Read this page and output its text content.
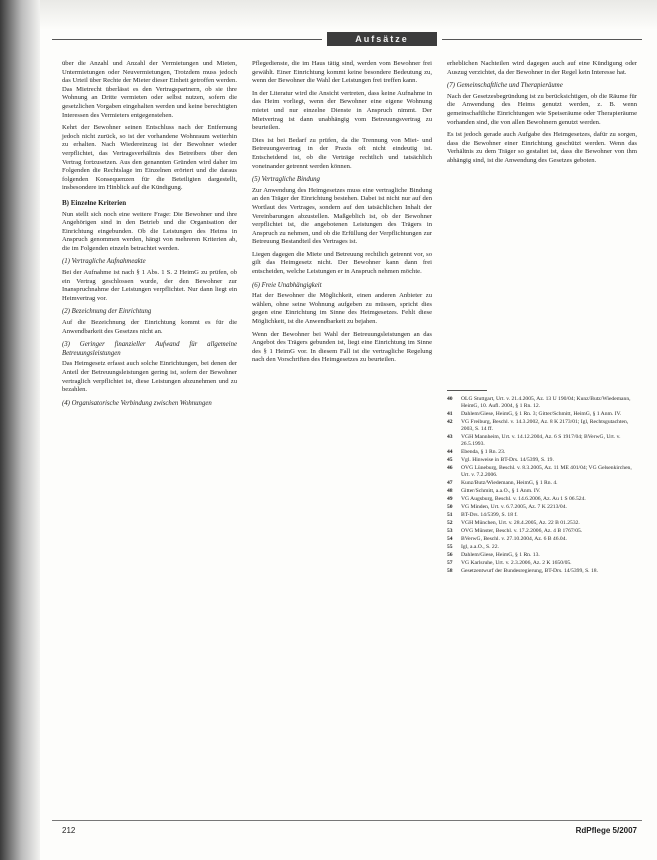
Aufsätze

über die Anzahl und Anzahl der Vermietungen und Mieten, Untermietungen oder Neuvermietungen, Trotzdem muss jedoch das Urteil über Rechte der Mieter dieser Einheit getroffen werden. Das Mietrecht überlässt es den Vertragspartnern, ob sie ihre Wohnung an Dritte vermieten oder selbst nutzen, sofern die gesetzlichen Vorgaben eingehalten werden und keine berechtigten Interessen des Vermieters entgegenstehen.

Kehrt der Bewohner seinen Entschluss nach der Entfernung jedoch nicht zurück, so ist der vorhandene Wohnraum weiterhin zu erhalten. Nach Wiedereinzug ist der Bewohner wieder verpflichtet, das Vertragsverhältnis des Betreibers über den Vertrag fortzusetzen. Aus den genannten Gründen wird daher im Folgenden die Rechtslage im Einzelnen erörtert und die daraus folgenden Konsequenzen für die Beteiligten dargestellt, insbesondere im Hinblick auf die Kündigung.

B) Einzelne Kriterien

Nun stellt sich noch eine weitere Frage: Die Bewohner und ihre Angehörigen sind in den Betrieb und die Organisation der Einrichtung eingebunden. Ob die Leistungen des Heims in Anspruch genommen werden, hängt von mehreren Kriterien ab, die im Folgenden einzeln betrachtet werden.

(1) Vertragliche Aufnahmeakte

Bei der Aufnahme ist nach § 1 Abs. 1 S. 2 HeimG zu prüfen, ob ein Vertrag geschlossen wurde, der den Bewohner zur Inanspruchnahme der Leistungen verpflichtet. Nur dann liegt ein Heimvertrag vor.

(2) Bezeichnung der Einrichtung

Auf die Bezeichnung der Einrichtung kommt es für die Anwendbarkeit des Gesetzes nicht an.

(3) Geringer finanzieller Aufwand für allgemeine Betreuungsleistungen

Das Heimgesetz erfasst auch solche Einrichtungen, bei denen der Anteil der Betreuungsleistungen gering ist, sofern der Bewohner vertraglich verpflichtet ist, diese Leistungen abzunehmen und zu bezahlen.

(4) Organisatorische Verbindung zwischen Wohnungen

Pflegedienste, die im Haus tätig sind, werden vom Bewohner frei gewählt. Einer Einrichtung kommt keine besondere Bedeutung zu, wenn der Bewohner die Wahl der Leistungen frei treffen kann.

In der Literatur wird die Ansicht vertreten, dass keine Aufnahme in das Heim vorliegt, wenn der Bewohner eine eigene Wohnung mietet und nur einzelne Dienste in Anspruch nimmt. Der Mietvertrag ist dann unabhängig vom Betreuungsvertrag zu beurteilen.

Dies ist bei Bedarf zu prüfen, da die Trennung von Miet- und Betreuungsvertrag in der Praxis oft nicht eindeutig ist. Entscheidend ist, ob die Verträge rechtlich und tatsächlich voneinander getrennt werden können.

(5) Vertragliche Bindung

Zur Anwendung des Heimgesetzes muss eine vertragliche Bindung an den Träger der Einrichtung bestehen. Dabei ist nicht nur auf den Wortlaut des Vertrages, sondern auf den tatsächlichen Inhalt der Vereinbarungen abzustellen. Maßgeblich ist, ob der Bewohner verpflichtet ist, die angebotenen Leistungen des Trägers in Anspruch zu nehmen, und ob die Erfüllung der Verpflichtungen zur Betreuung Bestandteil des Vertrages ist.

Liegen dagegen die Miete und Betreuung rechtlich getrennt vor, so gilt das Heimgesetz nicht. Der Bewohner kann dann frei entscheiden, welche Leistungen er in Anspruch nehmen möchte.

(6) Freie Unabhängigkeit

Hat der Bewohner die Möglichkeit, einen anderen Anbieter zu wählen, ohne seine Wohnung aufgeben zu müssen, spricht dies gegen eine Einrichtung im Sinne des Heimgesetzes. Fehlt diese Möglichkeit, ist die Anwendbarkeit zu bejahen.

Wenn der Bewohner bei Wahl der Betreuungsleistungen an das Angebot des Trägers gebunden ist, liegt eine Einrichtung im Sinne des § 1 HeimG vor. In diesem Fall ist die vertragliche Regelung nach den Vorschriften des Heimgesetzes zu beurteilen.

erheblichen Nachteilen wird dagegen auch auf eine Kündigung oder Auszug verzichtet, da der Bewohner in der Regel kein Interesse hat.

(7) Gemeinschaftliche und Therapieräume

Nach der Gesetzesbegründung ist zu berücksichtigen, ob die Räume für die Anwendung des Heims genutzt werden, z. B. wenn gemeinschaftliche Einrichtungen wie Speiseräume oder Therapieräume vorhanden sind, die von allen Bewohnern genutzt werden.

Es ist jedoch gerade auch Aufgabe des Heimgesetzes, dafür zu sorgen, dass die Bewohner einer Einrichtung geschützt werden. Wenn das Verhältnis zu dem Träger so gestaltet ist, dass die Bewohner von ihm abhängig sind, ist die Anwendung des Gesetzes geboten.

40	OLG Stuttgart, Urt. v. 21.4.2005, Az. 13 U 190/04; Kunz/Butz/Wiedemann, HeimG, 10. Aufl. 2004, § 1 Rn. 12.
41	Dahlem/Giese, HeimG, § 1 Rn. 3; Gitter/Schmitt, HeimG, § 1 Anm. IV.
42	VG Freiburg, Beschl. v. 14.3.2002, Az. 8 K 2173/01; Igl, Rechtsgutachten, 2003, S. 14 ff.
43	VGH Mannheim, Urt. v. 14.12.2004, Az. 6 S 1917/04; BVerwG, Urt. v. 26.5.1993.
44	Ebenda, § 1 Rn. 23.
45	Vgl. Hinweise in BT-Drs. 14/5399, S. 19.
46	OVG Lüneburg, Beschl. v. 8.3.2005, Az. 11 ME 401/04; VG Gelsenkirchen, Urt. v. 7.2.2006.
47	Kunz/Butz/Wiedemann, HeimG, § 1 Rn. 4.
48	Gitter/Schmitt, a.a.O., § 1 Anm. IV.
49	VG Augsburg, Beschl. v. 14.6.2006, Az. Au 1 S 06.524.
50	VG Minden, Urt. v. 6.7.2005, Az. 7 K 2213/04.
51	BT-Drs. 14/5399, S. 18 f.
52	VGH München, Urt. v. 28.4.2005, Az. 22 B 01.2532.
53	OVG Münster, Beschl. v. 17.2.2006, Az. 4 B 1767/05.
54	BVerwG, Beschl. v. 27.10.2004, Az. 6 B 46.04.
55	Igl, a.a.O., S. 22.
56	Dahlem/Giese, HeimG, § 1 Rn. 13.
57	VG Karlsruhe, Urt. v. 2.3.2006, Az. 2 K 1650/05.
58	Gesetzentwurf der Bundesregierung, BT-Drs. 14/5399, S. 18.
212	RdPflege 5/2007
